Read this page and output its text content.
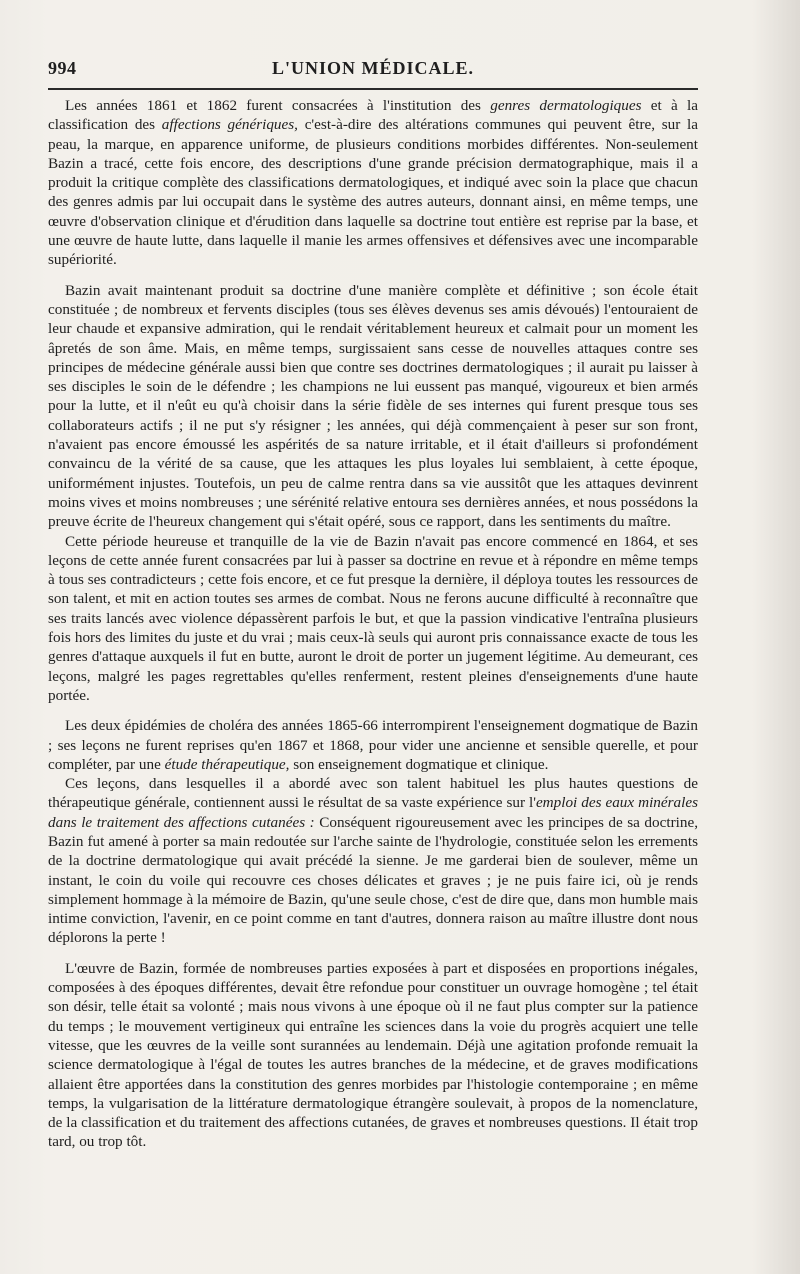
994	L'UNION MÉDICALE.

Les années 1861 et 1862 furent consacrées à l'institution des genres dermatologiques et à la classification des affections génériques, c'est-à-dire des altérations communes qui peuvent être, sur la peau, la marque, en apparence uniforme, de plusieurs conditions morbides différentes. Non-seulement Bazin a tracé, cette fois encore, des descriptions d'une grande précision dermatographique, mais il a produit la critique complète des classifications dermatologiques, et indiqué avec soin la place que chacun des genres admis par lui occupait dans le système des autres auteurs, donnant ainsi, en même temps, une œuvre d'observation clinique et d'érudition dans laquelle sa doctrine tout entière est reprise par la base, et une œuvre de haute lutte, dans laquelle il manie les armes offensives et défensives avec une incomparable supériorité.

Bazin avait maintenant produit sa doctrine d'une manière complète et définitive ; son école était constituée ; de nombreux et fervents disciples (tous ses élèves devenus ses amis dévoués) l'entouraient de leur chaude et expansive admiration, qui le rendait véritablement heureux et calmait pour un moment les âpretés de son âme. Mais, en même temps, surgissaient sans cesse de nouvelles attaques contre ses principes de médecine générale aussi bien que contre ses doctrines dermatologiques ; il aurait pu laisser à ses disciples le soin de le défendre ; les champions ne lui eussent pas manqué, vigoureux et bien armés pour la lutte, et il n'eût eu qu'à choisir dans la série fidèle de ses internes qui furent presque tous ses collaborateurs actifs ; il ne put s'y résigner ; les années, qui déjà commençaient à peser sur son front, n'avaient pas encore émoussé les aspérités de sa nature irritable, et il était d'ailleurs si profondément convaincu de la vérité de sa cause, que les attaques les plus loyales lui semblaient, à cette époque, uniformément injustes. Toutefois, un peu de calme rentra dans sa vie aussitôt que les attaques devinrent moins vives et moins nombreuses ; une sérénité relative entoura ses dernières années, et nous possédons la preuve écrite de l'heureux changement qui s'était opéré, sous ce rapport, dans les sentiments du maître.

Cette période heureuse et tranquille de la vie de Bazin n'avait pas encore commencé en 1864, et ses leçons de cette année furent consacrées par lui à passer sa doctrine en revue et à répondre en même temps à tous ses contradicteurs ; cette fois encore, et ce fut presque la dernière, il déploya toutes les ressources de son talent, et mit en action toutes ses armes de combat. Nous ne ferons aucune difficulté à reconnaître que ses traits lancés avec violence dépassèrent parfois le but, et que la passion vindicative l'entraîna plusieurs fois hors des limites du juste et du vrai ; mais ceux-là seuls qui auront pris connaissance exacte de tous les genres d'attaque auxquels il fut en butte, auront le droit de porter un jugement légitime. Au demeurant, ces leçons, malgré les pages regrettables qu'elles renferment, restent pleines d'enseignements d'une haute portée.

Les deux épidémies de choléra des années 1865-66 interrompirent l'enseignement dogmatique de Bazin ; ses leçons ne furent reprises qu'en 1867 et 1868, pour vider une ancienne et sensible querelle, et pour compléter, par une étude thérapeutique, son enseignement dogmatique et clinique.

Ces leçons, dans lesquelles il a abordé avec son talent habituel les plus hautes questions de thérapeutique générale, contiennent aussi le résultat de sa vaste expérience sur l'emploi des eaux minérales dans le traitement des affections cutanées : Conséquent rigoureusement avec les principes de sa doctrine, Bazin fut amené à porter sa main redoutée sur l'arche sainte de l'hydrologie, constituée selon les errements de la doctrine dermatologique qui avait précédé la sienne. Je me garderai bien de soulever, même un instant, le coin du voile qui recouvre ces choses délicates et graves ; je ne puis faire ici, où je rends simplement hommage à la mémoire de Bazin, qu'une seule chose, c'est de dire que, dans mon humble mais intime conviction, l'avenir, en ce point comme en tant d'autres, donnera raison au maître illustre dont nous déplorons la perte !

L'œuvre de Bazin, formée de nombreuses parties exposées à part et disposées en proportions inégales, composées à des époques différentes, devait être refondue pour constituer un ouvrage homogène ; tel était son désir, telle était sa volonté ; mais nous vivons à une époque où il ne faut plus compter sur la patience du temps ; le mouvement vertigineux qui entraîne les sciences dans la voie du progrès acquiert une telle vitesse, que les œuvres de la veille sont surannées au lendemain. Déjà une agitation profonde remuait la science dermatologique à l'égal de toutes les autres branches de la médecine, et de graves modifications allaient être apportées dans la constitution des genres morbides par l'histologie contemporaine ; en même temps, la vulgarisation de la littérature dermatologique étrangère soulevait, à propos de la nomenclature, de la classification et du traitement des affections cutanées, de graves et nombreuses questions. Il était trop tard, ou trop tôt.
